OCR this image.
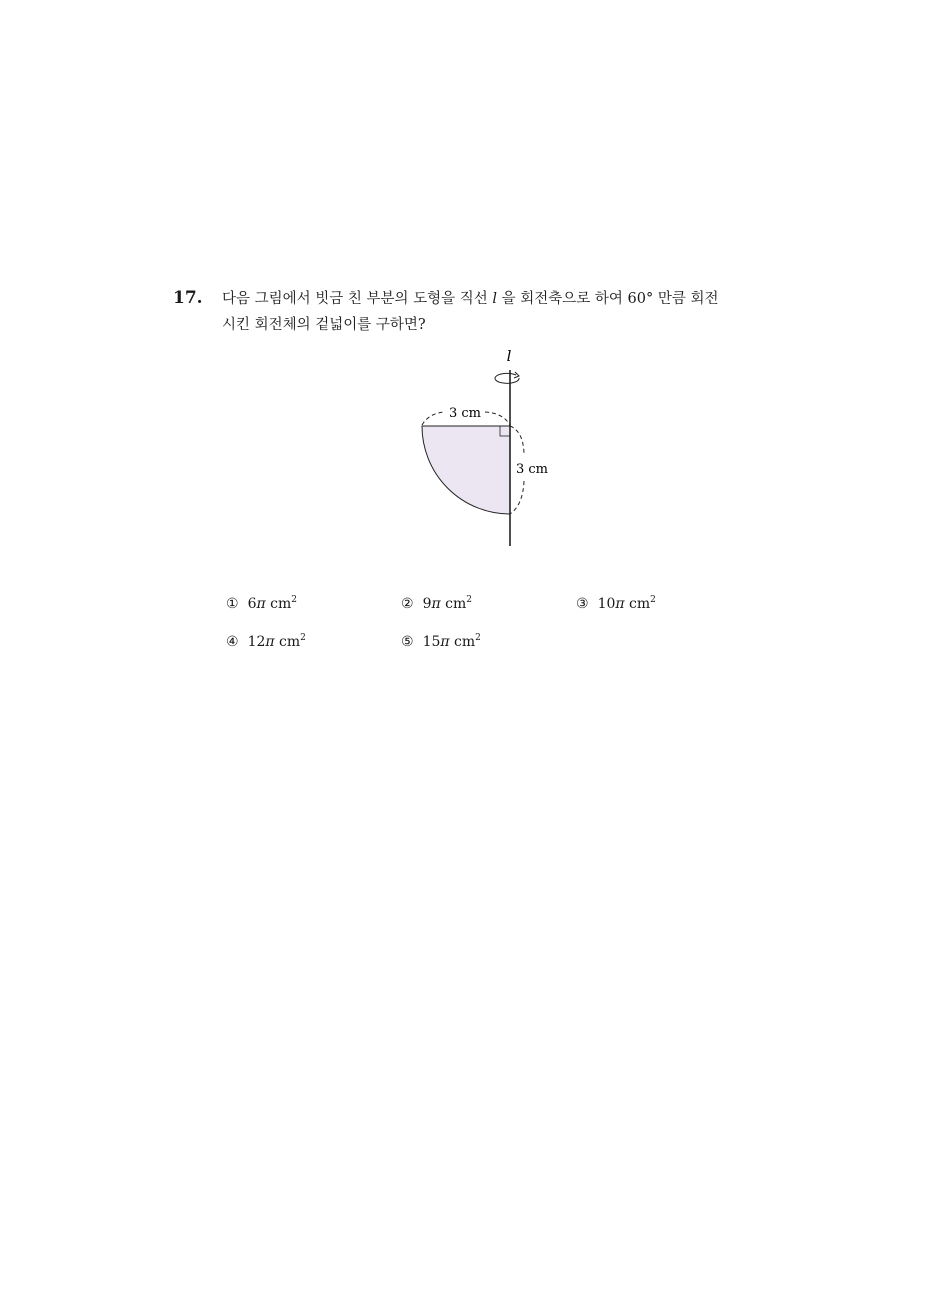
17. 다음 그림에서 빗금 친 부분의 도형을 직선 l 을 회전축으로 하여 60° 만큼 회전
시킨 회전체의 겉넓이를 구하면?
l
3 cm
3 cm
① 6π $cm^2$	② 9π $cm^2$	③ 10π $cm^2$
④ 12π $cm^2$	⑤ 15π $cm^2$
